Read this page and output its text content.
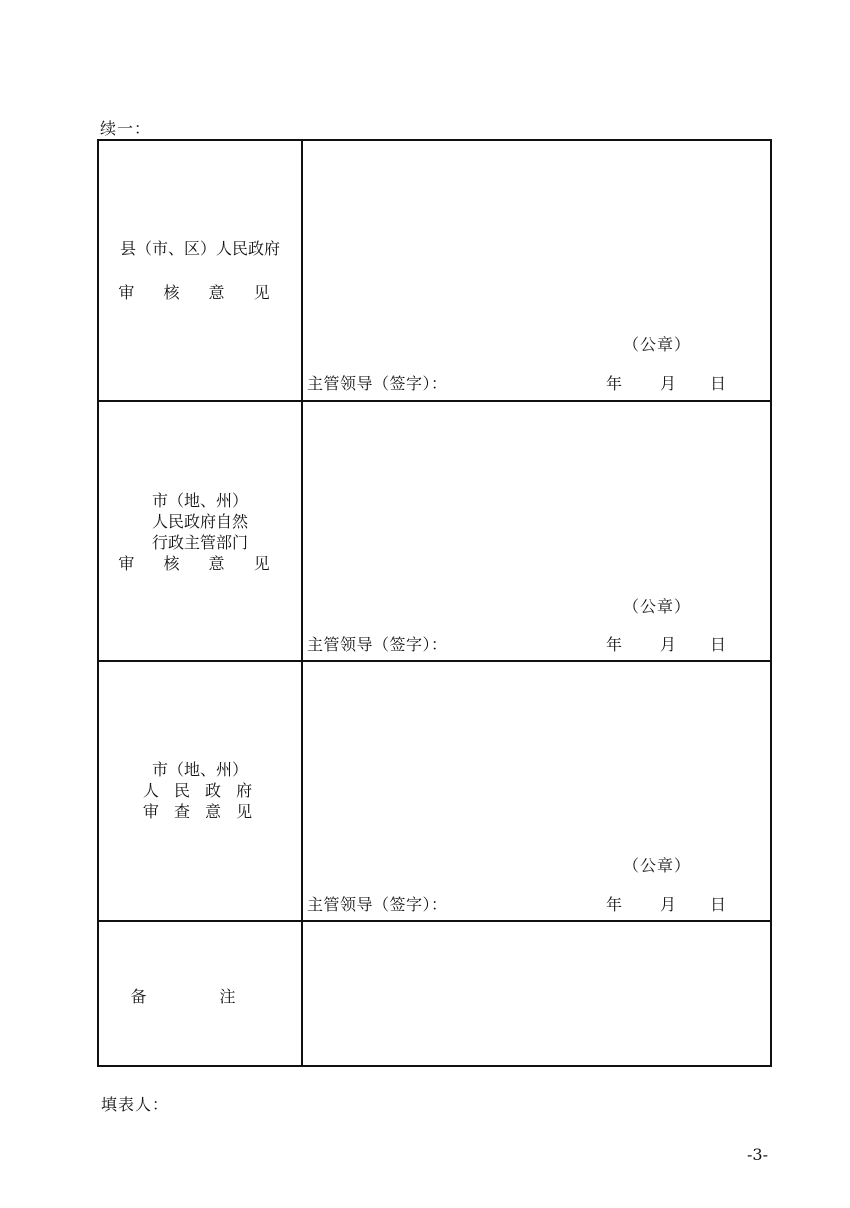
续一：
县（市、区）人民政府
审 核 意 见
（公章）
主管领导（签字）：	年 月 日
市（地、州）
人民政府自然
行政主管部门
审 核 意 见
（公章）
主管领导（签字）：	年 月 日
市（地、州）
人 民 政 府
审 查 意 见
（公章）
主管领导（签字）：	年 月 日
备 注
填表人：
-3-
